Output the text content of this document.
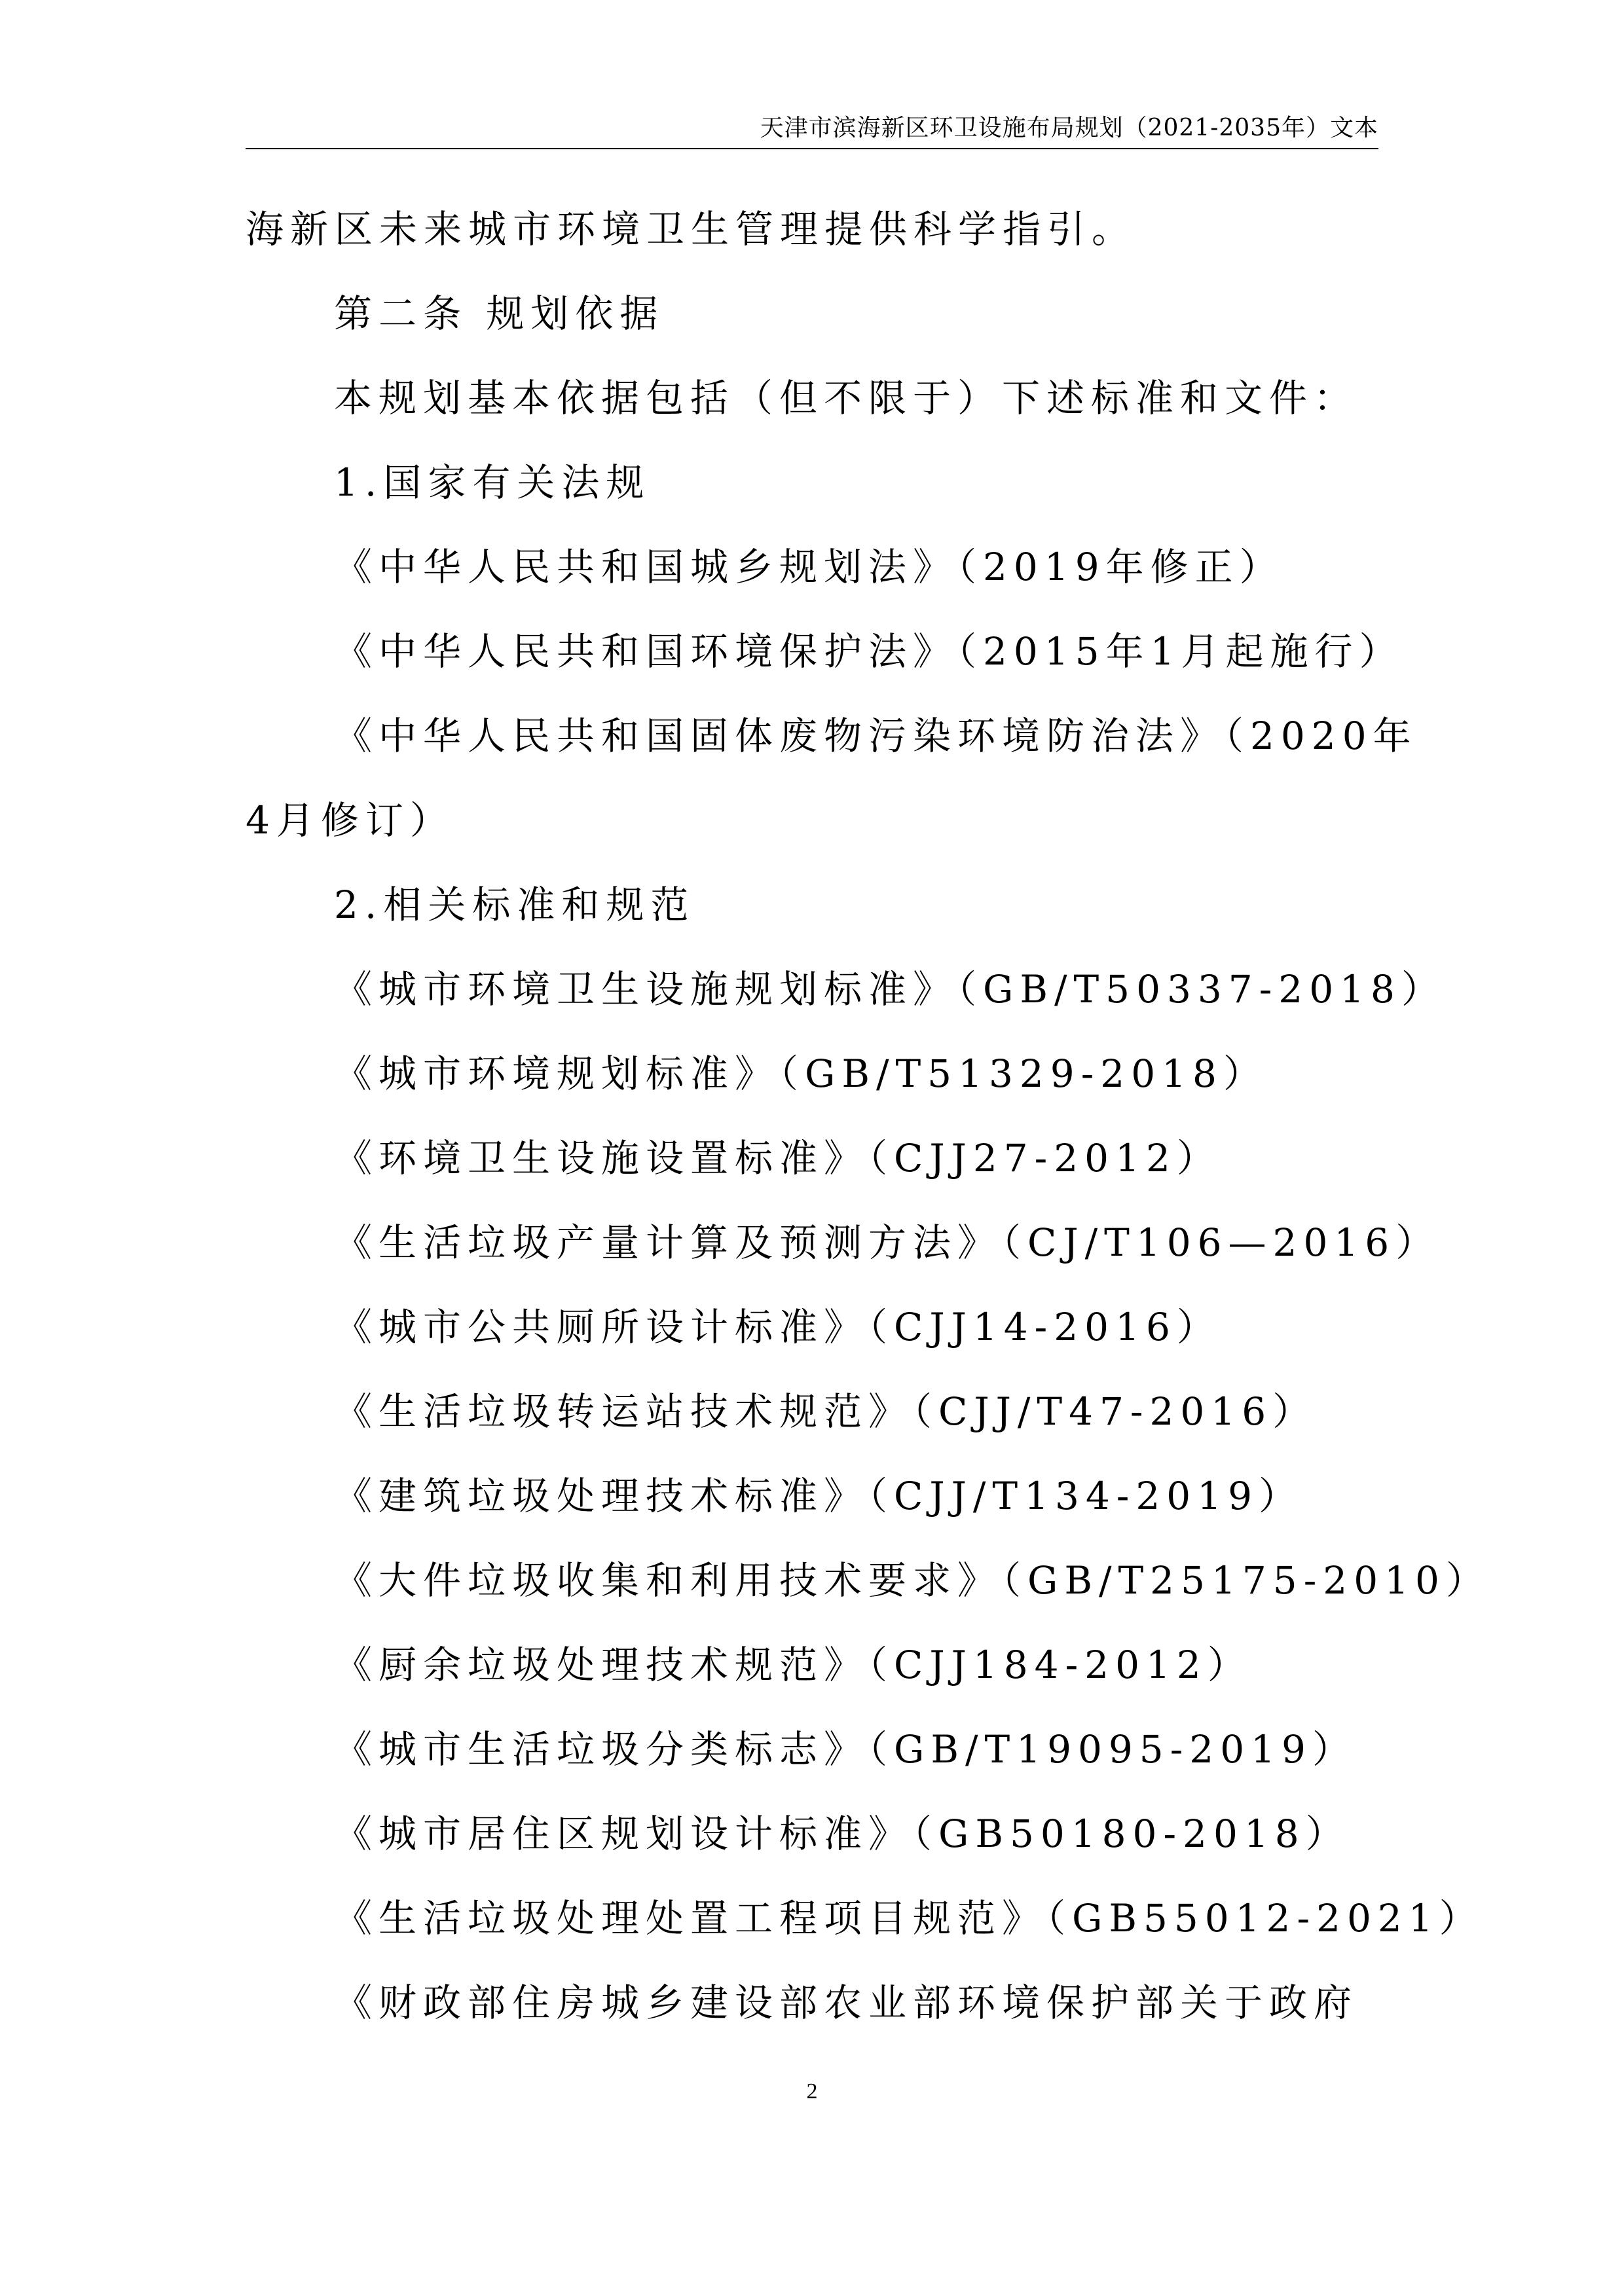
天津市滨海新区环卫设施布局规划（2021-2035年）文本
海新区未来城市环境卫生管理提供科学指引。
第二条 规划依据
本规划基本依据包括（但不限于）下述标准和文件：
1.国家有关法规
《中华人民共和国城乡规划法》（2019年修正）
《中华人民共和国环境保护法》（2015年1月起施行）
《中华人民共和国固体废物污染环境防治法》（2020年
4月修订）
2.相关标准和规范
《城市环境卫生设施规划标准》（GB/T50337-2018）
《城市环境规划标准》（GB/T51329-2018）
《环境卫生设施设置标准》（CJJ27-2012）
《生活垃圾产量计算及预测方法》（CJ/T106—2016）
《城市公共厕所设计标准》（CJJ14-2016）
《生活垃圾转运站技术规范》（CJJ/T47-2016）
《建筑垃圾处理技术标准》（CJJ/T134-2019）
《大件垃圾收集和利用技术要求》（GB/T25175-2010）
《厨余垃圾处理技术规范》（CJJ184-2012）
《城市生活垃圾分类标志》（GB/T19095-2019）
《城市居住区规划设计标准》（GB50180-2018）
《生活垃圾处理处置工程项目规范》（GB55012-2021）
《财政部住房城乡建设部农业部环境保护部关于政府
2
